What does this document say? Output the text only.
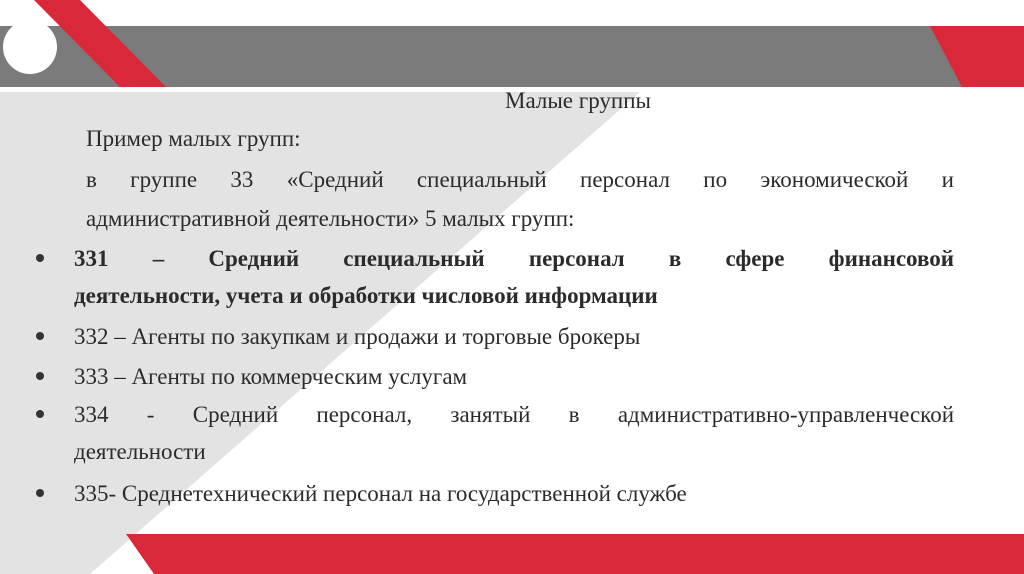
Малые группы
Пример малых групп:
в группе 33 «Средний специальный персонал по экономической и
административной деятельности» 5 малых групп:
331 – Средний специальный персонал в сфере финансовой
деятельности, учета и обработки числовой информации
332 – Агенты по закупкам и продажи и торговые брокеры
333 – Агенты по коммерческим услугам
334 - Средний персонал, занятый в административно-управленческой
деятельности
335- Среднетехнический персонал на государственной службе
